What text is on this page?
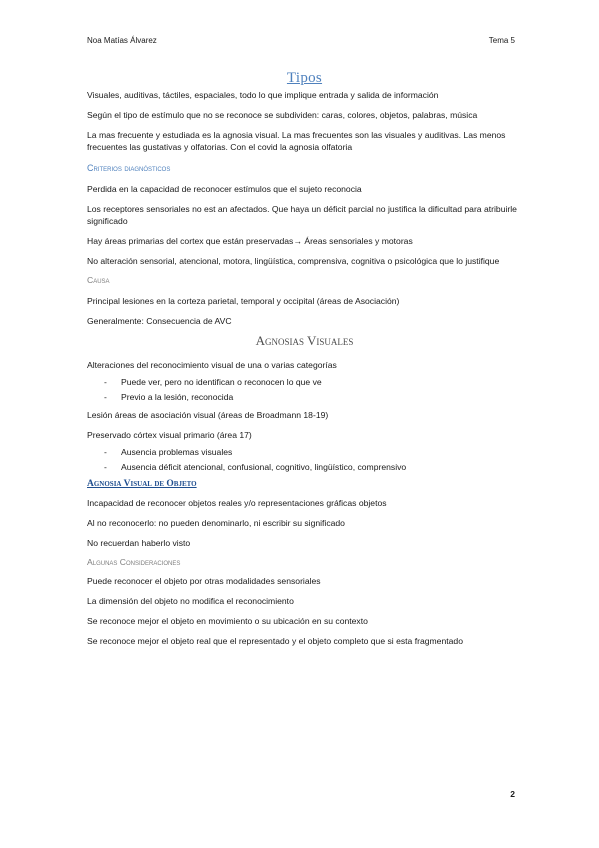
Noa Matías Álvarez	Tema 5
Tipos

Visuales, auditivas, táctiles, espaciales, todo lo que implique entrada y salida de información

Según el tipo de estímulo que no se reconoce se subdividen: caras, colores, objetos, palabras, música

La mas frecuente y estudiada es la agnosia visual. La mas frecuentes son las visuales y auditivas. Las menos frecuentes las gustativas y olfatorias. Con el covid la agnosia olfatoria

Criterios diagnósticos

Perdida en la capacidad de reconocer estímulos que el sujeto reconocia

Los receptores sensoriales no est an afectados. Que haya un déficit parcial no justifica la dificultad para atribuirle significado

Hay áreas primarias del cortex que están preservadas→ Áreas sensoriales y motoras

No alteración sensorial, atencional, motora, lingüística, comprensiva, cognitiva o psicológica que lo justifique

Causa

Principal lesiones en la corteza parietal, temporal y occipital (áreas de Asociación)

Generalmente: Consecuencia de AVC

Agnosias Visuales

Alteraciones del reconocimiento visual de una o varias categorías

- Puede ver, pero no identifican o reconocen lo que ve
- Previo a la lesión, reconocida

Lesión áreas de asociación visual (áreas de Broadmann 18-19)

Preservado córtex visual primario (área 17)

- Ausencia problemas visuales
- Ausencia déficit atencional, confusional, cognitivo, lingüístico, comprensivo
Agnosia Visual de Objeto

Incapacidad de reconocer objetos reales y/o representaciones gráficas objetos

Al no reconocerlo: no pueden denominarlo, ni escribir su significado

No recuerdan haberlo visto

Algunas Consideraciones

Puede reconocer el objeto por otras modalidades sensoriales

La dimensión del objeto no modifica el reconocimiento

Se reconoce mejor el objeto en movimiento o su ubicación en su contexto

Se reconoce mejor el objeto real que el representado y el objeto completo que si esta fragmentado

2
